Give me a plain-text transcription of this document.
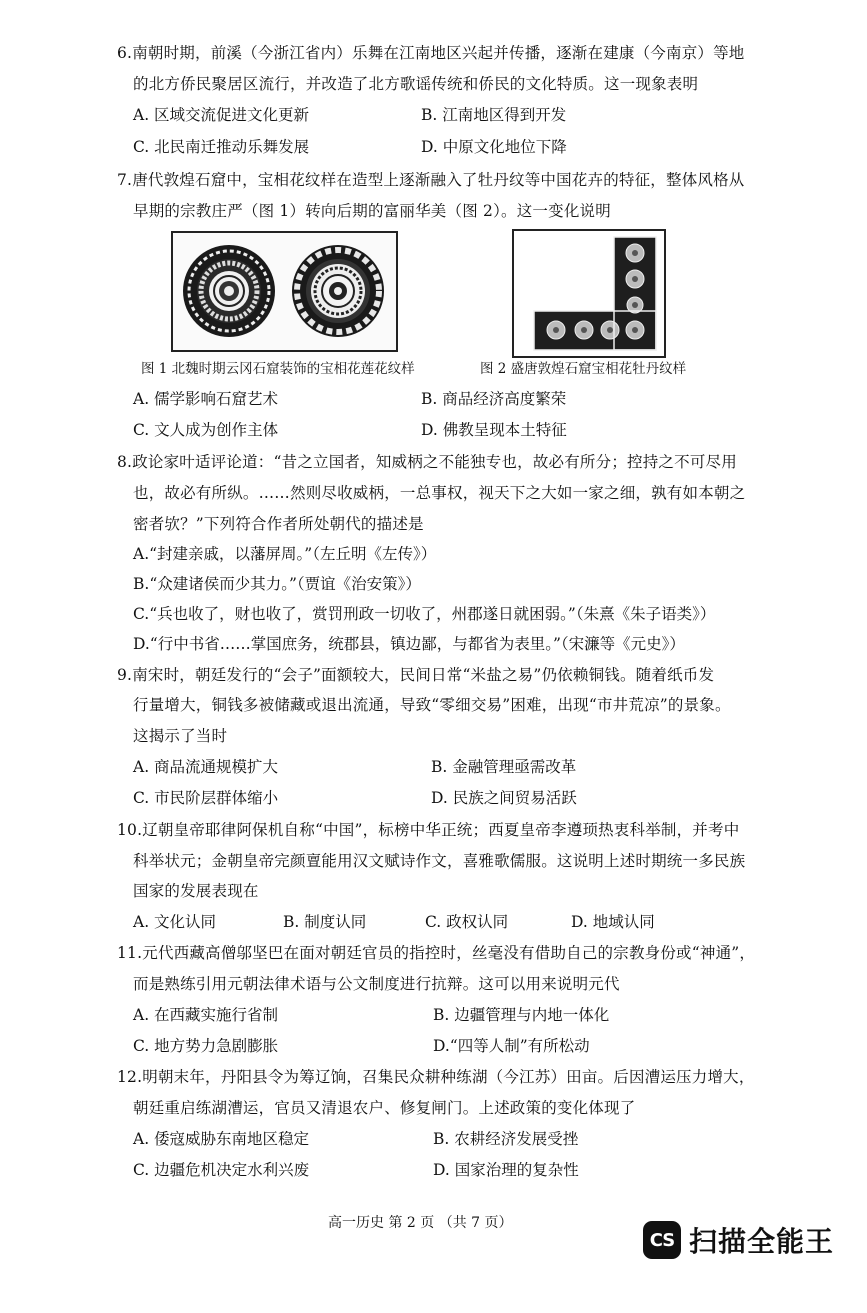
6.南朝时期，前溪（今浙江省内）乐舞在江南地区兴起并传播，逐渐在建康（今南京）等地
的北方侨民聚居区流行，并改造了北方歌谣传统和侨民的文化特质。这一现象表明
A. 区域交流促进文化更新	B. 江南地区得到开发
C. 北民南迁推动乐舞发展	D. 中原文化地位下降
7.唐代敦煌石窟中，宝相花纹样在造型上逐渐融入了牡丹纹等中国花卉的特征，整体风格从
早期的宗教庄严（图 1）转向后期的富丽华美（图 2）。这一变化说明
图 1 北魏时期云冈石窟装饰的宝相花莲花纹样	图 2 盛唐敦煌石窟宝相花牡丹纹样
A. 儒学影响石窟艺术	B. 商品经济高度繁荣
C. 文人成为创作主体	D. 佛教呈现本土特征
8.政论家叶适评论道：“昔之立国者，知威柄之不能独专也，故必有所分；控持之不可尽用
也，故必有所纵。……然则尽收威柄，一总事权，视天下之大如一家之细，孰有如本朝之
密者欤？”下列符合作者所处朝代的描述是
A.“封建亲戚，以藩屏周。”（左丘明《左传》）
B.“众建诸侯而少其力。”（贾谊《治安策》）
C.“兵也收了，财也收了，赏罚刑政一切收了，州郡遂日就困弱。”（朱熹《朱子语类》）
D.“行中书省……掌国庶务，统郡县，镇边鄙，与都省为表里。”（宋濂等《元史》）
9.南宋时，朝廷发行的“会子”面额较大，民间日常“米盐之易”仍依赖铜钱。随着纸币发
行量增大，铜钱多被储藏或退出流通，导致“零细交易”困难，出现“市井荒凉”的景象。
这揭示了当时
A. 商品流通规模扩大	B. 金融管理亟需改革
C. 市民阶层群体缩小	D. 民族之间贸易活跃
10.辽朝皇帝耶律阿保机自称“中国”，标榜中华正统；西夏皇帝李遵顼热衷科举制，并考中
科举状元；金朝皇帝完颜亶能用汉文赋诗作文，喜雅歌儒服。这说明上述时期统一多民族
国家的发展表现在
A. 文化认同	B. 制度认同	C. 政权认同	D. 地域认同
11.元代西藏高僧邬坚巴在面对朝廷官员的指控时，丝毫没有借助自己的宗教身份或“神通”，
而是熟练引用元朝法律术语与公文制度进行抗辩。这可以用来说明元代
A. 在西藏实施行省制	B. 边疆管理与内地一体化
C. 地方势力急剧膨胀	D.“四等人制”有所松动
12.明朝末年，丹阳县令为筹辽饷，召集民众耕种练湖（今江苏）田亩。后因漕运压力增大，
朝廷重启练湖漕运，官员又清退农户、修复闸门。上述政策的变化体现了
A. 倭寇威胁东南地区稳定	B. 农耕经济发展受挫
C. 边疆危机决定水利兴废	D. 国家治理的复杂性
高一历史 第 2 页 （共 7 页）
CS 扫描全能王
